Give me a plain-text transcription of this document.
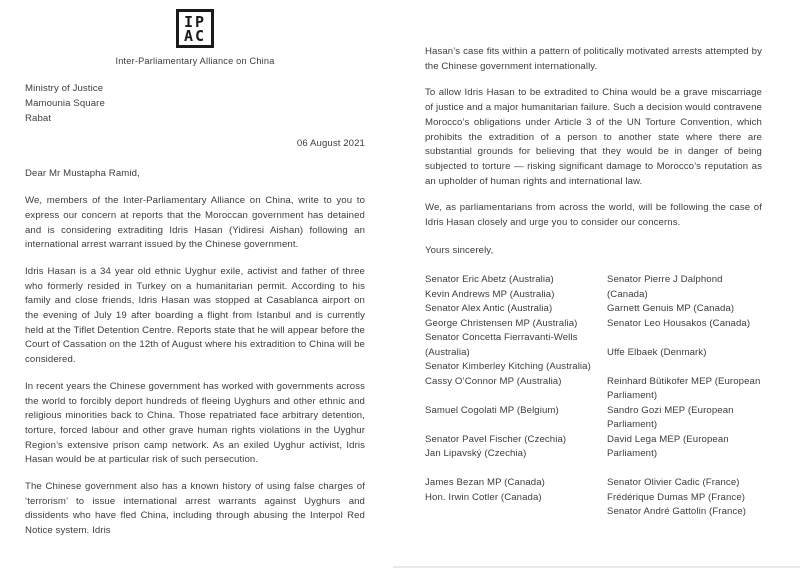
IP
AC
Inter-Parliamentary Alliance on China
Ministry of Justice
Mamounia Square
Rabat
06 August 2021
Dear Mr Mustapha Ramid,

We, members of the Inter-Parliamentary Alliance on China, write to you to express our concern at reports that the Moroccan government has detained and is considering extraditing Idris Hasan (Yidiresi Aishan) following an international arrest warrant issued by the Chinese government.

Idris Hasan is a 34 year old ethnic Uyghur exile, activist and father of three who formerly resided in Turkey on a humanitarian permit. According to his family and close friends, Idris Hasan was stopped at Casablanca airport on the evening of July 19 after boarding a flight from Istanbul and is currently held at the Tiflet Detention Centre. Reports state that he will appear before the Court of Cassation on the 12th of August where his extradition to China will be considered.

In recent years the Chinese government has worked with governments across the world to forcibly deport hundreds of fleeing Uyghurs and other ethnic and religious minorities back to China. Those repatriated face arbitrary detention, torture, forced labour and other grave human rights violations in the Uyghur Region’s extensive prison camp network. As an exiled Uyghur activist, Idris Hasan would be at particular risk of such persecution.

The Chinese government also has a known history of using false charges of ‘terrorism’ to issue international arrest warrants against Uyghurs and dissidents who have fled China, including through abusing the Interpol Red Notice system. Idris

Hasan’s case fits within a pattern of politically motivated arrests attempted by the Chinese government internationally.

To allow Idris Hasan to be extradited to China would be a grave miscarriage of justice and a major humanitarian failure. Such a decision would contravene Morocco’s obligations under Article 3 of the UN Torture Convention, which prohibits the extradition of a person to another state where there are substantial grounds for believing that they would be in danger of being subjected to torture — risking significant damage to Morocco’s reputation as an upholder of human rights and international law.

We, as parliamentarians from across the world, will be following the case of Idris Hasan closely and urge you to consider our concerns.

Yours sincerely,
Senator Eric Abetz (Australia)
Kevin Andrews MP (Australia)
Senator Alex Antic (Australia)
George Christensen MP (Australia)
Senator Concetta Fierravanti-Wells (Australia)
Senator Kimberley Kitching (Australia)
Cassy O’Connor MP (Australia)
Samuel Cogolati MP (Belgium)
Senator Pavel Fischer (Czechia)
Jan Lipavský (Czechia)
James Bezan MP (Canada)
Hon. Irwin Cotler (Canada)
Senator Pierre J Dalphond (Canada)
Garnett Genuis MP (Canada)
Senator Leo Housakos (Canada)
Uffe Elbaek (Denmark)
Reinhard Bütikofer MEP (European Parliament)
Sandro Gozi MEP (European Parliament)
David Lega MEP (European Parliament)
Senator Olivier Cadic (France)
Frédérique Dumas MP (France)
Senator André Gattolin (France)
